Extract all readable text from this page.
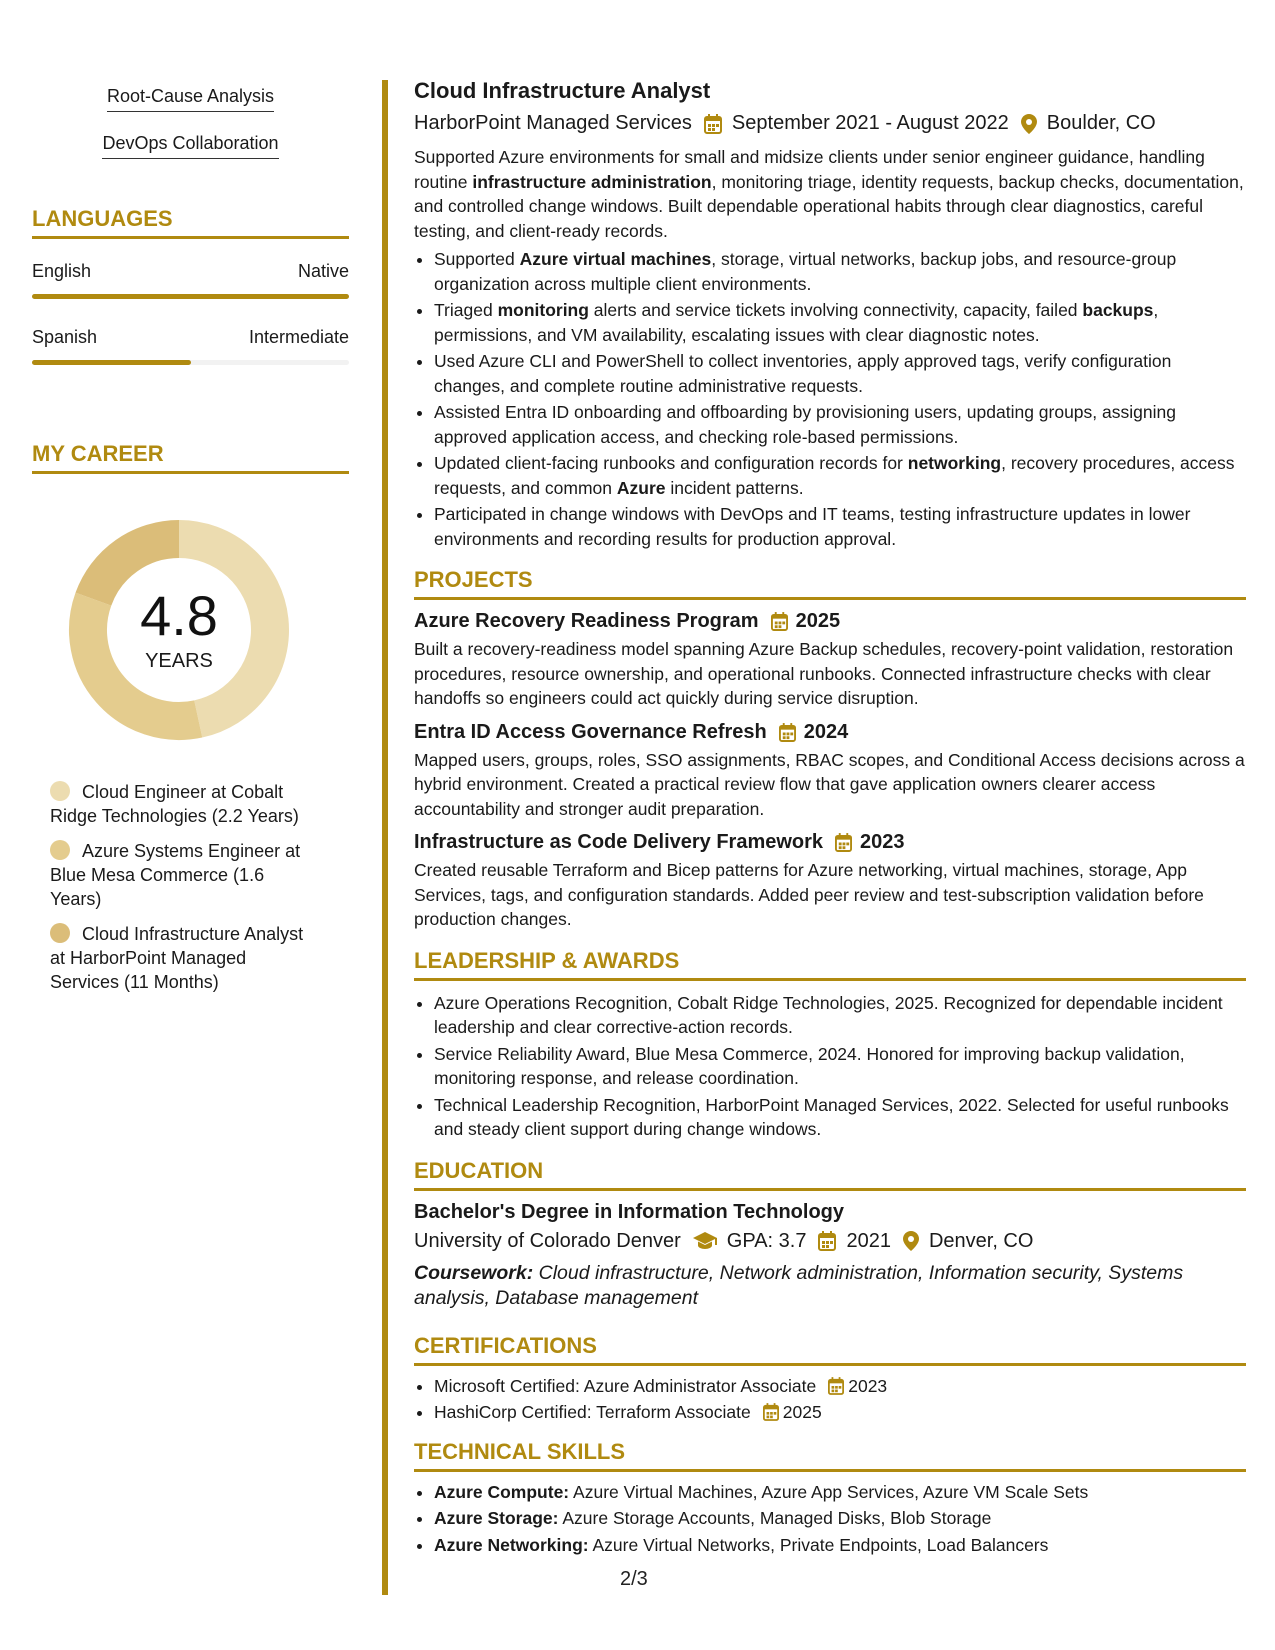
Root-Cause Analysis
DevOps Collaboration
LANGUAGES
English	Native
Spanish	Intermediate
MY CAREER
4.8
YEARS
Cloud Engineer at Cobalt Ridge Technologies (2.2 Years)
Azure Systems Engineer at Blue Mesa Commerce (1.6 Years)
Cloud Infrastructure Analyst at HarborPoint Managed Services (11 Months)
Cloud Infrastructure Analyst
HarborPoint Managed Services September 2021 - August 2022 Boulder, CO
Supported Azure environments for small and midsize clients under senior engineer guidance, handling routine infrastructure administration, monitoring triage, identity requests, backup checks, documentation, and controlled change windows. Built dependable operational habits through clear diagnostics, careful testing, and client-ready records.
• Supported Azure virtual machines, storage, virtual networks, backup jobs, and resource-group organization across multiple client environments.
• Triaged monitoring alerts and service tickets involving connectivity, capacity, failed backups, permissions, and VM availability, escalating issues with clear diagnostic notes.
• Used Azure CLI and PowerShell to collect inventories, apply approved tags, verify configuration changes, and complete routine administrative requests.
• Assisted Entra ID onboarding and offboarding by provisioning users, updating groups, assigning approved application access, and checking role-based permissions.
• Updated client-facing runbooks and configuration records for networking, recovery procedures, access requests, and common Azure incident patterns.
• Participated in change windows with DevOps and IT teams, testing infrastructure updates in lower environments and recording results for production approval.
PROJECTS
Azure Recovery Readiness Program 2025
Built a recovery-readiness model spanning Azure Backup schedules, recovery-point validation, restoration procedures, resource ownership, and operational runbooks. Connected infrastructure checks with clear handoffs so engineers could act quickly during service disruption.
Entra ID Access Governance Refresh 2024
Mapped users, groups, roles, SSO assignments, RBAC scopes, and Conditional Access decisions across a hybrid environment. Created a practical review flow that gave application owners clearer access accountability and stronger audit preparation.
Infrastructure as Code Delivery Framework 2023
Created reusable Terraform and Bicep patterns for Azure networking, virtual machines, storage, App Services, tags, and configuration standards. Added peer review and test-subscription validation before production changes.
LEADERSHIP & AWARDS
• Azure Operations Recognition, Cobalt Ridge Technologies, 2025. Recognized for dependable incident leadership and clear corrective-action records.
• Service Reliability Award, Blue Mesa Commerce, 2024. Honored for improving backup validation, monitoring response, and release coordination.
• Technical Leadership Recognition, HarborPoint Managed Services, 2022. Selected for useful runbooks and steady client support during change windows.
EDUCATION
Bachelor's Degree in Information Technology
University of Colorado Denver GPA: 3.7 2021 Denver, CO
Coursework: Cloud infrastructure, Network administration, Information security, Systems analysis, Database management
CERTIFICATIONS
• Microsoft Certified: Azure Administrator Associate 2023
• HashiCorp Certified: Terraform Associate 2025
TECHNICAL SKILLS
• Azure Compute: Azure Virtual Machines, Azure App Services, Azure VM Scale Sets
• Azure Storage: Azure Storage Accounts, Managed Disks, Blob Storage
• Azure Networking: Azure Virtual Networks, Private Endpoints, Load Balancers
2/3
